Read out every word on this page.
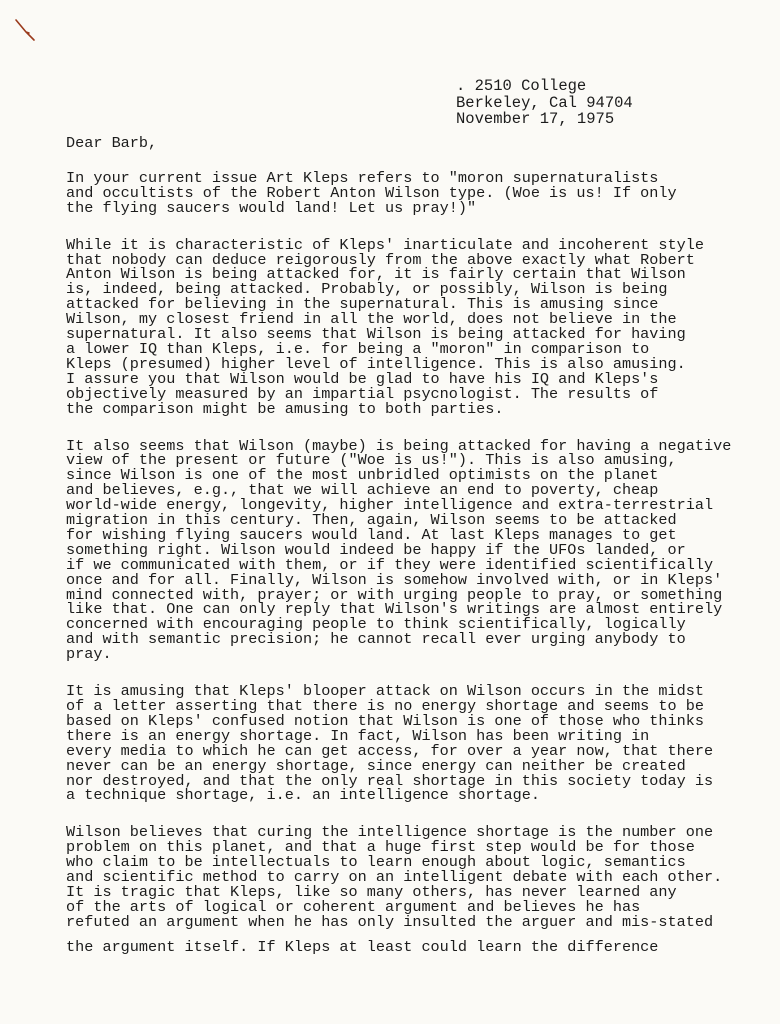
. 2510 College
Berkeley, Cal 94704
November 17, 1975
Dear Barb,
In your current issue Art Kleps refers to "moron supernaturalists
and occultists of the Robert Anton Wilson type. (Woe is us! If only
the flying saucers would land! Let us pray!)"
While it is characteristic of Kleps' inarticulate and incoherent style
that nobody can deduce reigorously from the above exactly what Robert
Anton Wilson is being attacked for, it is fairly certain that Wilson
is, indeed, being attacked. Probably, or possibly, Wilson is being
attacked for believing in the supernatural. This is amusing since
Wilson, my closest friend in all the world, does not believe in the
supernatural. It also seems that Wilson is being attacked for having
a lower IQ than Kleps, i.e. for being a "moron" in comparison to
Kleps (presumed) higher level of intelligence. This is also amusing.
I assure you that Wilson would be glad to have his IQ and Kleps's
objectively measured by an impartial psycnologist. The results of
the comparison might be amusing to both parties.
It also seems that Wilson (maybe) is being attacked for having a negative
view of the present or future ("Woe is us!"). This is also amusing,
since Wilson is one of the most unbridled optimists on the planet
and believes, e.g., that we will achieve an end to poverty, cheap
world-wide energy, longevity, higher intelligence and extra-terrestrial
migration in this century. Then, again, Wilson seems to be attacked
for wishing flying saucers would land. At last Kleps manages to get
something right. Wilson would indeed be happy if the UFOs landed, or
if we communicated with them, or if they were identified scientifically
once and for all. Finally, Wilson is somehow involved with, or in Kleps'
mind connected with, prayer; or with urging people to pray, or something
like that. One can only reply that Wilson's writings are almost entirely
concerned with encouraging people to think scientifically, logically
and with semantic precision; he cannot recall ever urging anybody to
pray.
It is amusing that Kleps' blooper attack on Wilson occurs in the midst
of a letter asserting that there is no energy shortage and seems to be
based on Kleps' confused notion that Wilson is one of those who thinks
there is an energy shortage. In fact, Wilson has been writing in
every media to which he can get access, for over a year now, that there
never can be an energy shortage, since energy can neither be created
nor destroyed, and that the only real shortage in this society today is
a technique shortage, i.e. an intelligence shortage.
Wilson believes that curing the intelligence shortage is the number one
problem on this planet, and that a huge first step would be for those
who claim to be intellectuals to learn enough about logic, semantics
and scientific method to carry on an intelligent debate with each other.
It is tragic that Kleps, like so many others, has never learned any
of the arts of logical or coherent argument and believes he has
refuted an argument when he has only insulted the arguer and mis-stated
the argument itself. If Kleps at least could learn the difference
